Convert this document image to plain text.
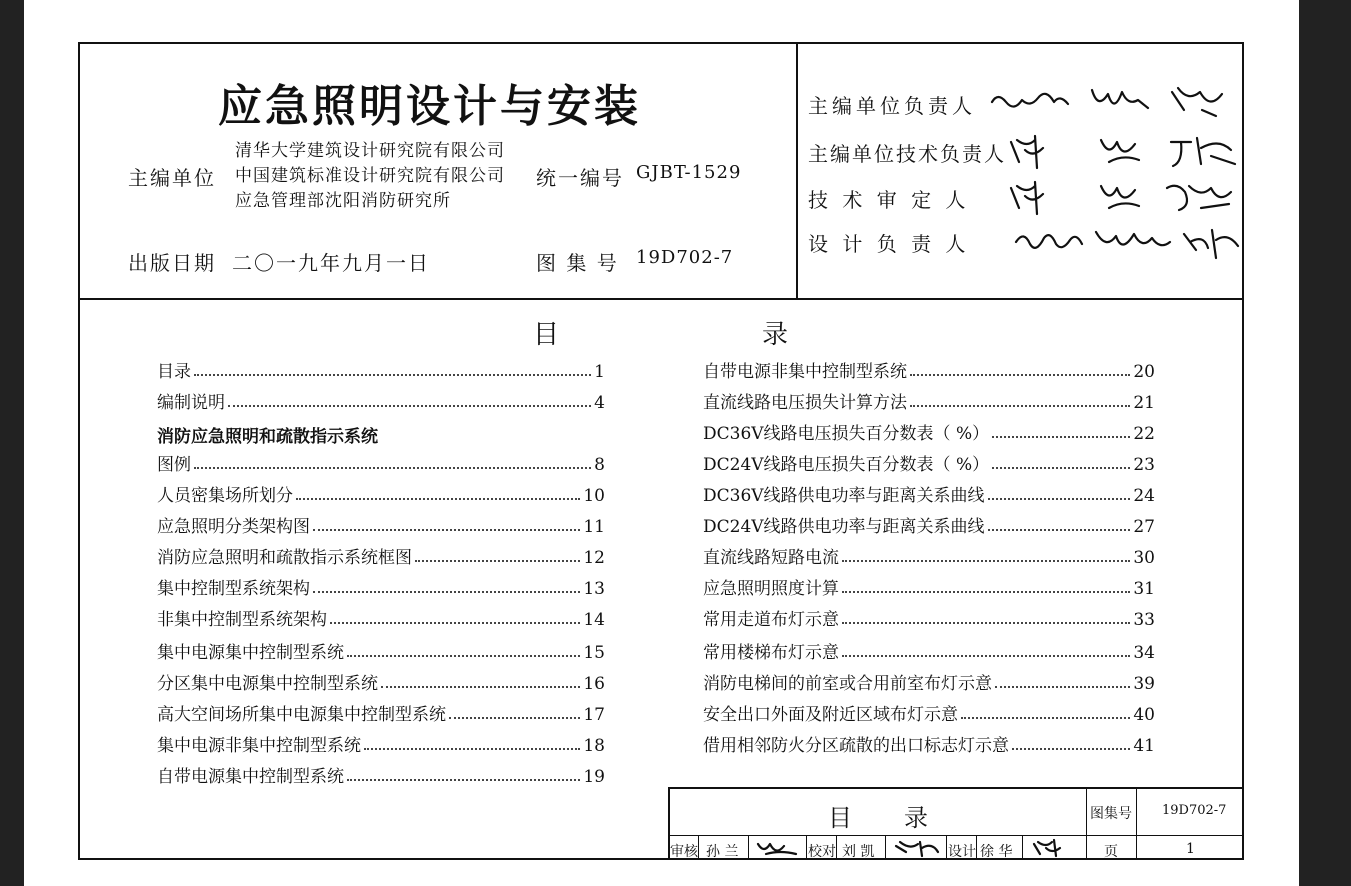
应急照明设计与安装
主编单位
清华大学建筑设计研究院有限公司
中国建筑标准设计研究院有限公司
应急管理部沈阳消防研究所
统一编号 GJBT-1529
出版日期 二〇一九年九月一日	图 集 号 19D702-7
主编单位负责人
主编单位技术负责人
技 术 审 定 人
设 计 负 责 人
目	录
目录	1
编制说明	4
消防应急照明和疏散指示系统
图例	8
人员密集场所划分	10
应急照明分类架构图	11
消防应急照明和疏散指示系统框图	12
集中控制型系统架构	13
非集中控制型系统架构	14
集中电源集中控制型系统	15
分区集中电源集中控制型系统	16
高大空间场所集中电源集中控制型系统	17
集中电源非集中控制型系统	18
自带电源集中控制型系统	19
自带电源非集中控制型系统	20
直流线路电压损失计算方法	21
DC36V线路电压损失百分数表（ %）	22
DC24V线路电压损失百分数表（ %）	23
DC36V线路供电功率与距离关系曲线	24
DC24V线路供电功率与距离关系曲线	27
直流线路短路电流	30
应急照明照度计算	31
常用走道布灯示意	33
常用楼梯布灯示意	34
消防电梯间的前室或合用前室布灯示意	39
安全出口外面及附近区域布灯示意	40
借用相邻防火分区疏散的出口标志灯示意	41
目 录	图集号 19D702-7
页	1
审核 孙 兰	校对 刘 凯	设计 徐 华
